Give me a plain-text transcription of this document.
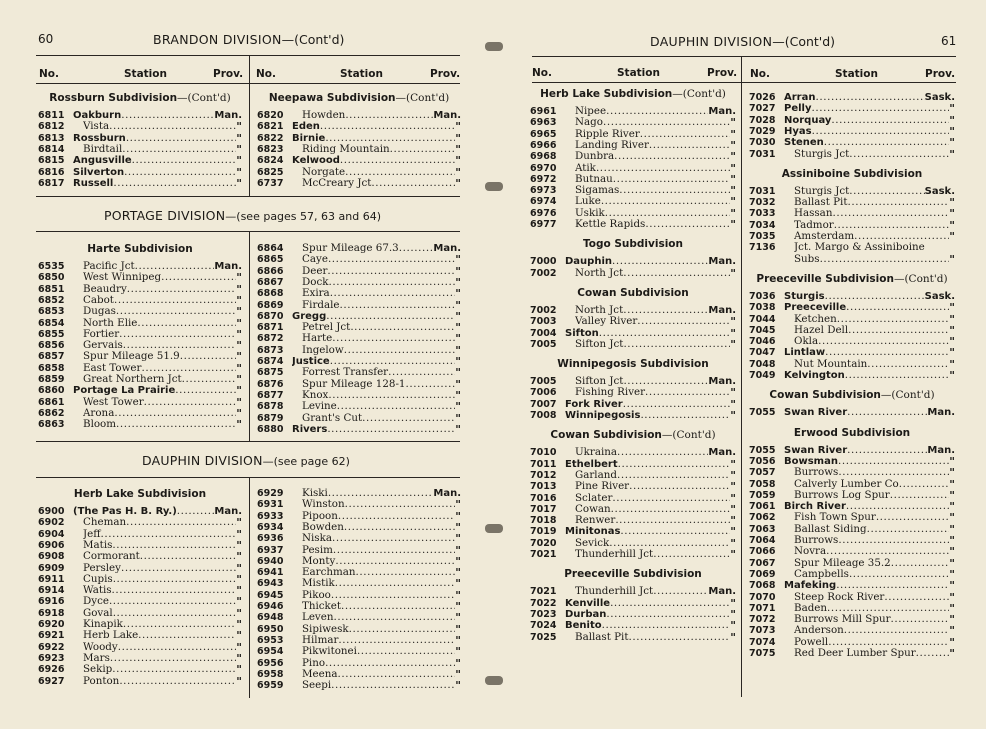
60	BRANDON DIVISION—(Cont'd)
No.	Station	Prov. No.	Station	Prov.
Rossburn Subdivision—(Cont'd)
6811 Oakburn .....	Man.
6812 Vista .....	"
6813 Rossburn .....	"
6814 Birdtail .....	"
6815 Angusville .....	"
6816 Silverton .....	"
6817 Russell .....	"
Neepawa Subdivision—(Cont'd)
6820 Howden .....	Man.
6821 Eden .....	"
6822 Birnie .....	"
6823 Riding Mountain .....	"
6824 Kelwood .....	"
6825 Norgate .....	"
6737 McCreary Jct .....	"
PORTAGE DIVISION—(see pages 57, 63 and 64)
Harte Subdivision
6535 Pacific Jct .....	Man.
6850 West Winnipeg .....	"
6851 Beaudry .....	"
6852 Cabot .....	"
6853 Dugas .....	"
6854 North Elie .....	"
6855 Fortier .....	"
6856 Gervais .....	"
6857 Spur Mileage 51.9 .....	"
6858 East Tower .....	"
6859 Great Northern Jct .....	"
6860 Portage La Prairie .....	"
6861 West Tower .....	"
6862 Arona .....	"
6863 Bloom .....	"
6864 Spur Mileage 67.3 .....	Man.
6865 Caye .....	"
6866 Deer .....	"
6867 Dock .....	"
6868 Exira .....	"
6869 Firdale .....	"
6870 Gregg .....	"
6871 Petrel Jct .....	"
6872 Harte .....	"
6873 Ingelow .....	"
6874 Justice .....	"
6875 Forrest Transfer .....	"
6876 Spur Mileage 128-1 .....	"
6877 Knox .....	"
6878 Levine .....	"
6879 Grant's Cut .....	"
6880 Rivers .....	"
DAUPHIN DIVISION—(see page 62)
Herb Lake Subdivision
6900 (The Pas H. B. Ry.) .....	Man.
6902 Cheman .....	"
6904 Jeff .....	"
6906 Matis .....	"
6908 Cormorant .....	"
6909 Persley .....	"
6911 Cupis .....	"
6914 Watis .....	"
6916 Dyce .....	"
6918 Goval .....	"
6920 Kinapik .....	"
6921 Herb Lake .....	"
6922 Woody .....	"
6923 Mars .....	"
6926 Sekip .....	"
6927 Ponton .....	"
6929 Kiski .....	Man.
6931 Winston .....	"
6933 Pipoon .....	"
6934 Bowden .....	"
6936 Niska .....	"
6937 Pesim .....	"
6940 Monty .....	"
6941 Earchman .....	"
6943 Mistik .....	"
6945 Pikoo .....	"
6946 Thicket .....	"
6948 Leven .....	"
6950 Sipiwesk .....	"
6953 Hilmar .....	"
6954 Pikwitonei .....	"
6956 Pino .....	"
6958 Meena .....	"
6959 Seepi .....	"
DAUPHIN DIVISION—(Cont'd)	61
No.	Station	Prov. No.	Station	Prov.
Herb Lake Subdivision—(Cont'd)
6961 Nipee .....	Man.
6963 Nago .....	"
6965 Ripple River .....	"
6966 Landing River .....	"
6968 Dunbra .....	"
6970 Atik .....	"
6972 Butnau .....	"
6973 Sigamas .....	"
6974 Luke .....	"
6976 Uskik .....	"
6977 Kettle Rapids .....	"
Togo Subdivision
7000 Dauphin .....	Man.
7002 North Jct .....	"
Cowan Subdivision
7002 North Jct .....	Man.
7003 Valley River .....	"
7004 Sifton .....	"
7005 Sifton Jct .....	"
Winnipegosis Subdivision
7005 Sifton Jct .....	Man.
7006 Fishing River .....	"
7007 Fork River .....	"
7008 Winnipegosis .....	"
Cowan Subdivision—(Cont'd)
7010 Ukraina .....	Man.
7011 Ethelbert .....	"
7012 Garland .....	"
7013 Pine River .....	"
7016 Sclater .....	"
7017 Cowan .....	"
7018 Renwer .....	"
7019 Minitonas .....	"
7020 Sevick .....	"
7021 Thunderhill Jct .....	"
Preeceville Subdivision
7021 Thunderhill Jct .....	Man.
7022 Kenville .....	"
7023 Durban .....	"
7024 Benito .....	"
7025 Ballast Pit .....	"
7026 Arran .....	Sask.
7027 Pelly .....	"
7028 Norquay .....	"
7029 Hyas .....	"
7030 Stenen .....	"
7031 Sturgis Jct .....	"
Assiniboine Subdivision
7031 Sturgis Jct .....	Sask.
7032 Ballast Pit .....	"
7033 Hassan .....	"
7034 Tadmor .....	"
7035 Amsterdam .....	"
7136 Jct. Margo & Assiniboine
Subs .....	"
Preeceville Subdivision—(Cont'd)
7036 Sturgis .....	Sask.
7038 Preeceville .....	"
7044 Ketchen .....	"
7045 Hazel Dell .....	"
7046 Okla .....	"
7047 Lintlaw .....	"
7048 Nut Mountain .....	"
7049 Kelvington .....	"
Cowan Subdivision—(Cont'd)
7055 Swan River .....	Man.
Erwood Subdivision
7055 Swan River .....	Man.
7056 Bowsman .....	"
7057 Burrows .....	"
7058 Calverly Lumber Co .....	"
7059 Burrows Log Spur .....	"
7061 Birch River .....	"
7062 Fish Town Spur .....	"
7063 Ballast Siding .....	"
7064 Burrows .....	"
7066 Novra .....	"
7067 Spur Mileage 35.2 .....	"
7069 Campbells .....	"
7068 Mafeking .....	"
7070 Steep Rock River .....	"
7071 Baden .....	"
7072 Burrows Mill Spur .....	"
7073 Anderson .....	"
7074 Powell .....	"
7075 Red Deer Lumber Spur .....	"
